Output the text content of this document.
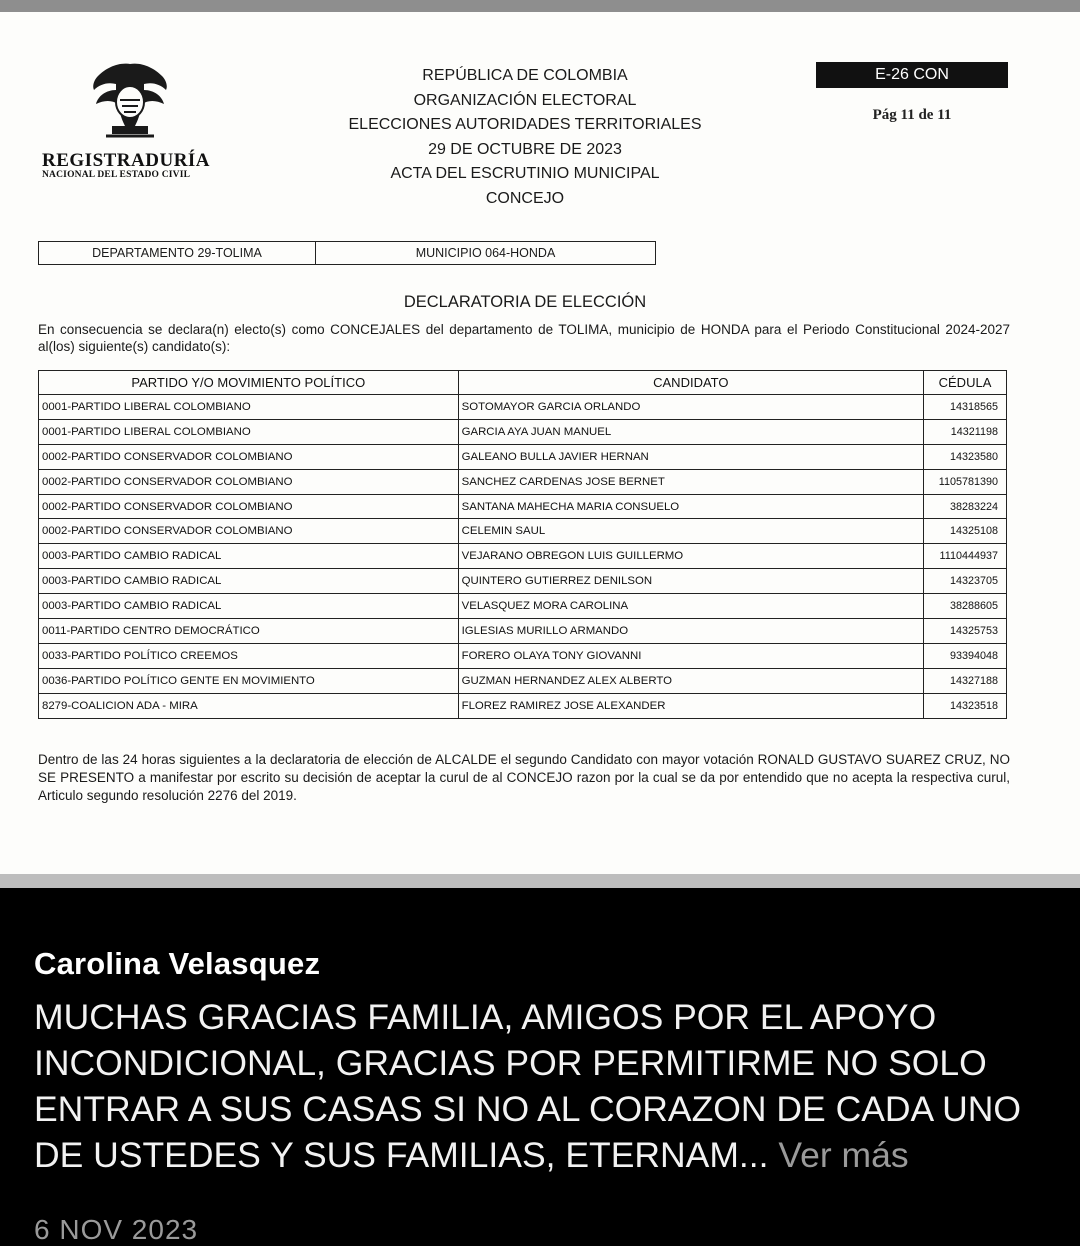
REGISTRADURÍA
NACIONAL DEL ESTADO CIVIL
REPÚBLICA DE COLOMBIA
ORGANIZACIÓN ELECTORAL
ELECCIONES AUTORIDADES TERRITORIALES
29 DE OCTUBRE DE 2023
ACTA DEL ESCRUTINIO MUNICIPAL
CONCEJO
E-26 CON
Pág 11 de 11
DEPARTAMENTO 29-TOLIMA	MUNICIPIO 064-HONDA
DECLARATORIA DE ELECCIÓN
En consecuencia se declara(n) electo(s) como CONCEJALES del departamento de TOLIMA, municipio de HONDA para el Periodo Constitucional 2024-2027 al(los) siguiente(s) candidato(s):
PARTIDO Y/O MOVIMIENTO POLÍTICO	CANDIDATO	CÉDULA
0001-PARTIDO LIBERAL COLOMBIANO	SOTOMAYOR GARCIA ORLANDO	14318565
0001-PARTIDO LIBERAL COLOMBIANO	GARCIA AYA JUAN MANUEL	14321198
0002-PARTIDO CONSERVADOR COLOMBIANO	GALEANO BULLA JAVIER HERNAN	14323580
0002-PARTIDO CONSERVADOR COLOMBIANO	SANCHEZ CARDENAS JOSE BERNET	1105781390
0002-PARTIDO CONSERVADOR COLOMBIANO	SANTANA MAHECHA MARIA CONSUELO	38283224
0002-PARTIDO CONSERVADOR COLOMBIANO	CELEMIN SAUL	14325108
0003-PARTIDO CAMBIO RADICAL	VEJARANO OBREGON LUIS GUILLERMO	1110444937
0003-PARTIDO CAMBIO RADICAL	QUINTERO GUTIERREZ DENILSON	14323705
0003-PARTIDO CAMBIO RADICAL	VELASQUEZ MORA CAROLINA	38288605
0011-PARTIDO CENTRO DEMOCRÁTICO	IGLESIAS MURILLO ARMANDO	14325753
0033-PARTIDO POLÍTICO CREEMOS	FORERO OLAYA TONY GIOVANNI	93394048
0036-PARTIDO POLÍTICO GENTE EN MOVIMIENTO	GUZMAN HERNANDEZ ALEX ALBERTO	14327188
8279-COALICION ADA - MIRA	FLOREZ RAMIREZ JOSE ALEXANDER	14323518
Dentro de las 24 horas siguientes a la declaratoria de elección de ALCALDE el segundo Candidato con mayor votación RONALD GUSTAVO SUAREZ CRUZ, NO SE PRESENTO a manifestar por escrito su decisión de aceptar la curul de al CONCEJO razon por la cual se da por entendido que no acepta la respectiva curul, Articulo segundo resolución 2276 del 2019.
Carolina Velasquez
MUCHAS GRACIAS FAMILIA, AMIGOS POR EL APOYO INCONDICIONAL, GRACIAS POR PERMITIRME NO SOLO ENTRAR A SUS CASAS SI NO AL CORAZON DE CADA UNO DE USTEDES Y SUS FAMILIAS, ETERNAM... Ver más
6 NOV 2023
